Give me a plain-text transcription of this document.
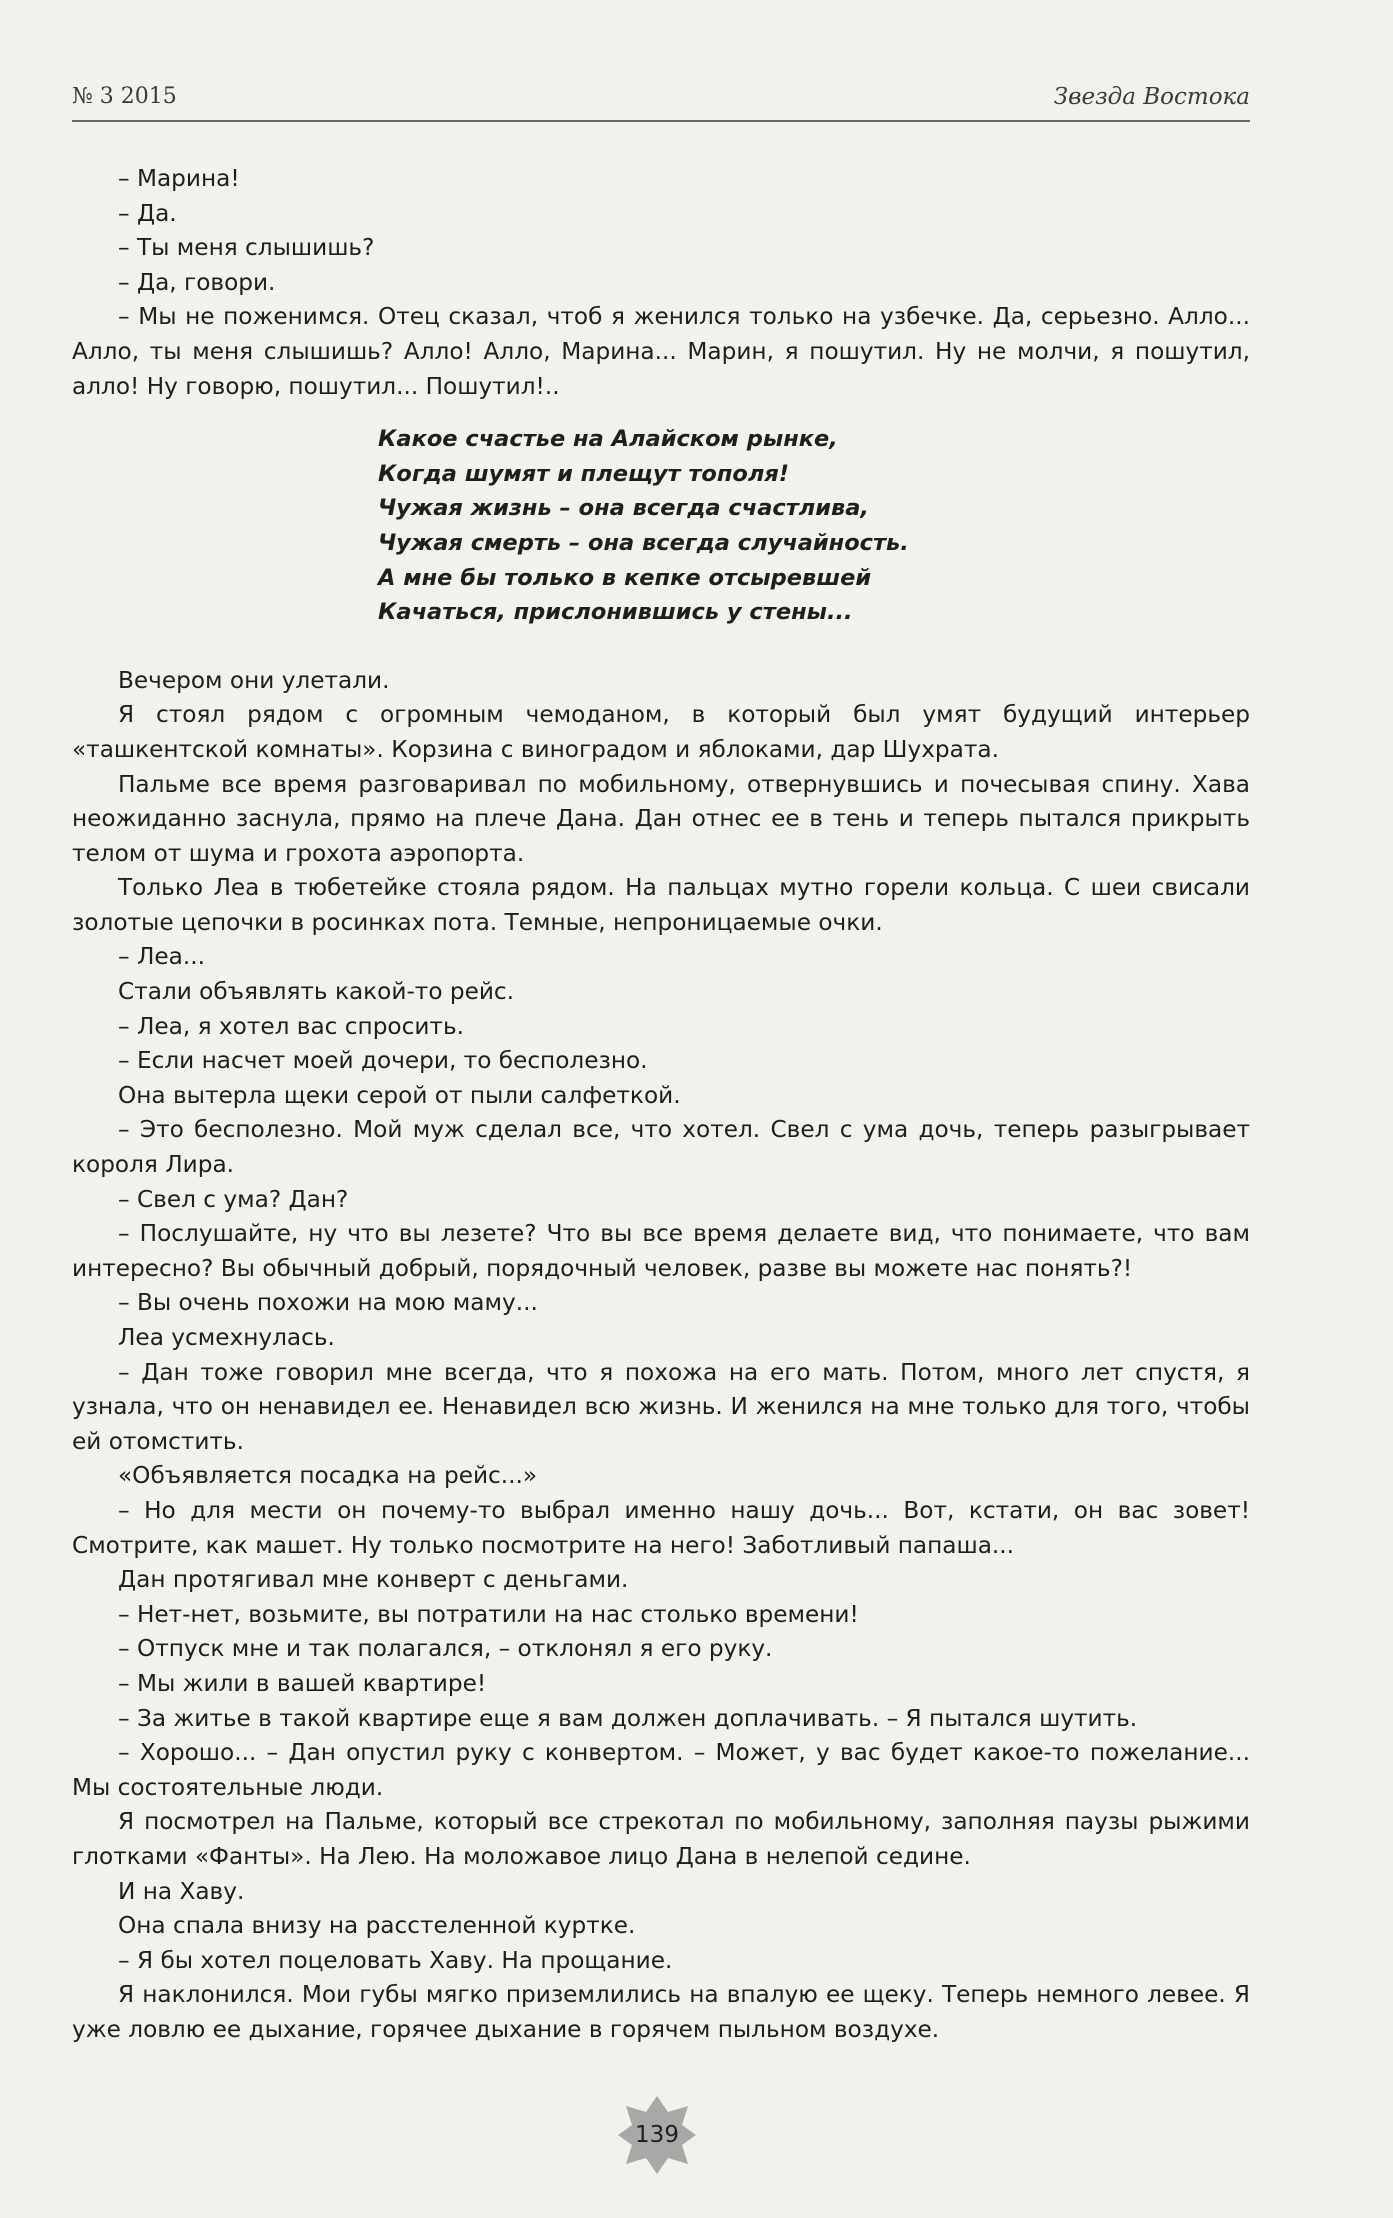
№ 3 2015	Звезда Востока

– Марина!

– Да.

– Ты меня слышишь?

– Да, говори.

– Мы не поженимся. Отец сказал, чтоб я женился только на узбечке. Да, серьезно. Алло... Алло, ты меня слышишь? Алло! Алло, Марина... Марин, я пошутил. Ну не молчи, я пошутил, алло! Ну говорю, пошутил... Пошутил!..

Какое счастье на Алайском рынке,
Когда шумят и плещут тополя!
Чужая жизнь – она всегда счастлива,
Чужая смерть – она всегда случайность.
А мне бы только в кепке отсыревшей
Качаться, прислонившись у стены...

Вечером они улетали.

Я стоял рядом с огромным чемоданом, в который был умят будущий интерьер «ташкентской комнаты». Корзина с виноградом и яблоками, дар Шухрата.

Пальме все время разговаривал по мобильному, отвернувшись и почесывая спину. Хава неожиданно заснула, прямо на плече Дана. Дан отнес ее в тень и теперь пытался прикрыть телом от шума и грохота аэропорта.

Только Леа в тюбетейке стояла рядом. На пальцах мутно горели кольца. С шеи свисали золотые цепочки в росинках пота. Темные, непроницаемые очки.

– Леа...

Стали объявлять какой-то рейс.

– Леа, я хотел вас спросить.

– Если насчет моей дочери, то бесполезно.

Она вытерла щеки серой от пыли салфеткой.

– Это бесполезно. Мой муж сделал все, что хотел. Свел с ума дочь, теперь разыгрывает короля Лира.

– Свел с ума? Дан?

– Послушайте, ну что вы лезете? Что вы все время делаете вид, что понимаете, что вам интересно? Вы обычный добрый, порядочный человек, разве вы можете нас понять?!

– Вы очень похожи на мою маму...

Леа усмехнулась.

– Дан тоже говорил мне всегда, что я похожа на его мать. Потом, много лет спустя, я узнала, что он ненавидел ее. Ненавидел всю жизнь. И женился на мне только для того, чтобы ей отомстить.

«Объявляется посадка на рейс...»

– Но для мести он почему-то выбрал именно нашу дочь... Вот, кстати, он вас зовет! Смотрите, как машет. Ну только посмотрите на него! Заботливый папаша...

Дан протягивал мне конверт с деньгами.

– Нет-нет, возьмите, вы потратили на нас столько времени!

– Отпуск мне и так полагался, – отклонял я его руку.

– Мы жили в вашей квартире!

– За житье в такой квартире еще я вам должен доплачивать. – Я пытался шутить.

– Хорошо... – Дан опустил руку с конвертом. – Может, у вас будет какое-то пожелание... Мы состоятельные люди.

Я посмотрел на Пальме, который все стрекотал по мобильному, заполняя паузы рыжими глотками «Фанты». На Лею. На моложавое лицо Дана в нелепой седине.

И на Хаву.

Она спала внизу на расстеленной куртке.

– Я бы хотел поцеловать Хаву. На прощание.

Я наклонился. Мои губы мягко приземлились на впалую ее щеку. Теперь немного левее. Я уже ловлю ее дыхание, горячее дыхание в горячем пыльном воздухе.

139
